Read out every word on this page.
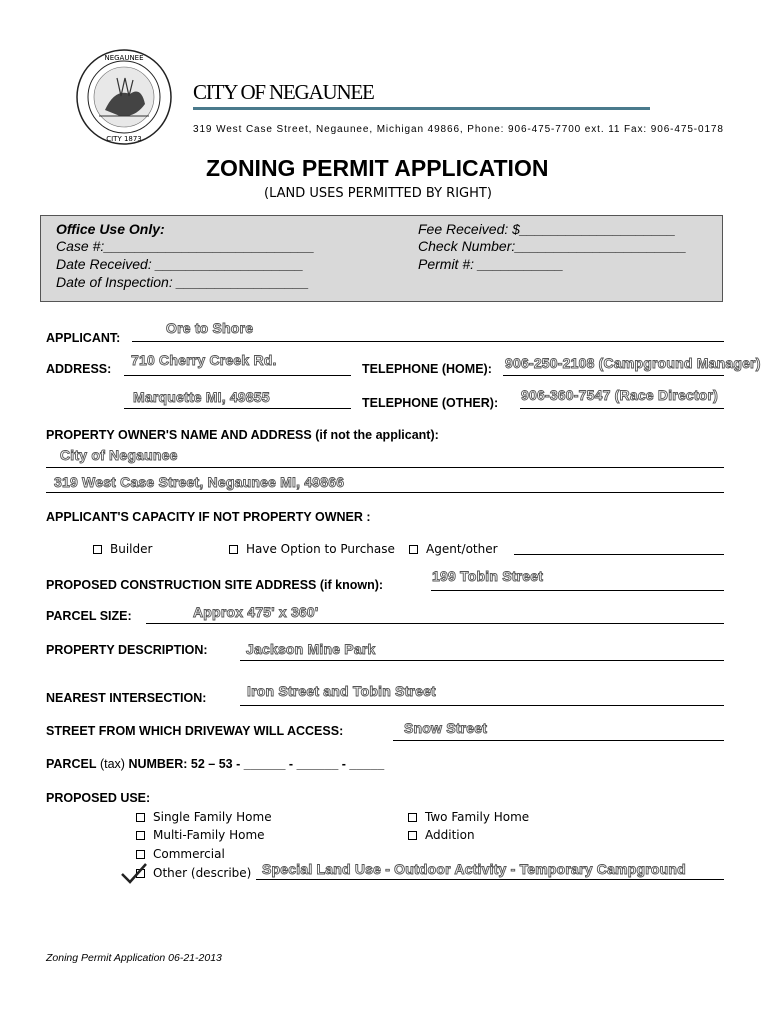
NEGAUNEE
CITY 1873
CITY OF NEGAUNEE
319 West Case Street, Negaunee, Michigan 49866, Phone: 906-475-7700 ext. 11 Fax: 906-475-0178
ZONING PERMIT APPLICATION
(LAND USES PERMITTED BY RIGHT)
Office Use Only:
Case #:___________________________
Date Received: ___________________
Date of Inspection: _________________
Fee Received: $____________________
Check Number:______________________
Permit #: ___________
APPLICANT:
Ore to Shore
ADDRESS:
710 Cherry Creek Rd.
Marquette MI, 49855
TELEPHONE (HOME): 906-250-2108 (Campground Manager)
TELEPHONE (OTHER): 906-360-7547 (Race Director)
PROPERTY OWNER'S NAME AND ADDRESS (if not the applicant):
City of Negaunee
319 West Case Street, Negaunee MI, 49866
APPLICANT'S CAPACITY IF NOT PROPERTY OWNER :
Builder	Have Option to Purchase	Agent/other
PROPOSED CONSTRUCTION SITE ADDRESS (if known):
199 Tobin Street
PARCEL SIZE:	Approx 475' x 360'
PROPERTY DESCRIPTION:	Jackson Mine Park
NEAREST INTERSECTION:	Iron Street and Tobin Street
STREET FROM WHICH DRIVEWAY WILL ACCESS:	Snow Street
PARCEL (tax) NUMBER: 52 – 53 - ______ - ______ - _____
PROPOSED USE:
Single Family Home
Multi-Family Home
Commercial
Other (describe)
Two Family Home
Addition
Special Land Use - Outdoor Activity - Temporary Campground
Zoning Permit Application 06-21-2013
